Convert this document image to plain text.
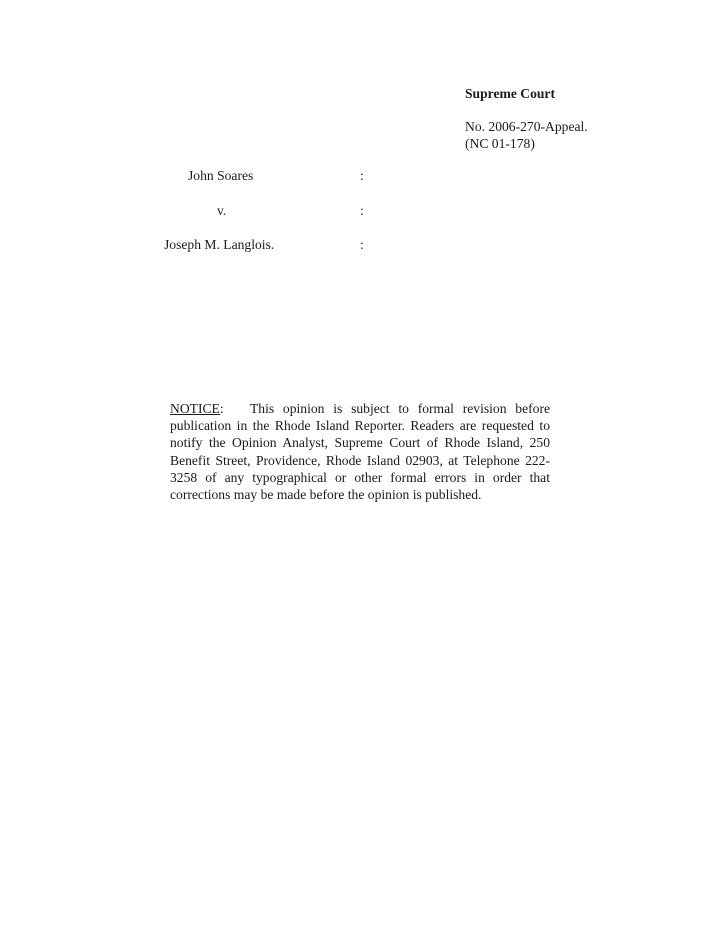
Supreme Court
No. 2006-270-Appeal.
(NC 01-178)
John Soares	:
v.	:
Joseph M. Langlois.	:
NOTICE: This opinion is subject to formal revision before publication in the Rhode Island Reporter. Readers are requested to notify the Opinion Analyst, Supreme Court of Rhode Island, 250 Benefit Street, Providence, Rhode Island 02903, at Telephone 222-3258 of any typographical or other formal errors in order that corrections may be made before the opinion is published.
